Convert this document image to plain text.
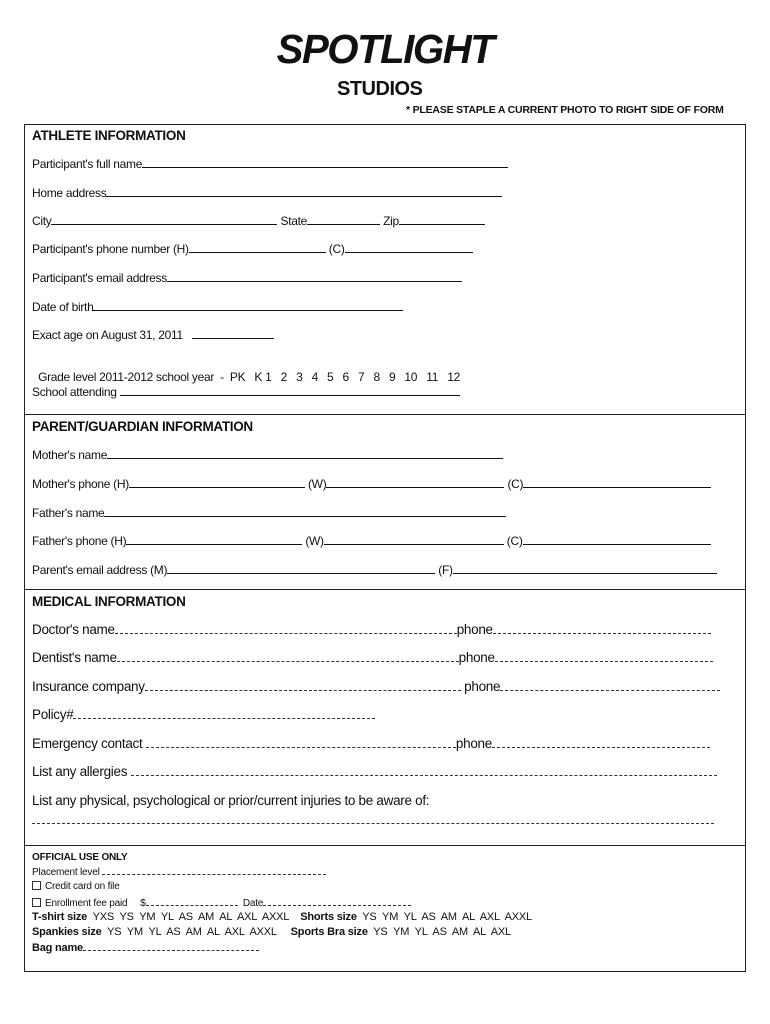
SPOTLIGHT
STUDIOS
* PLEASE STAPLE A CURRENT PHOTO TO RIGHT SIDE OF FORM
ATHLETE INFORMATION
Participant's full name
Home address
City	State	Zip
Participant's phone number (H)	(C)
Participant's email address
Date of birth
Exact age on August 31, 2011

Grade level 2011-2012 school year  -  PK   K 1   2   3   4   5   6   7   8   9   10   11   12

School attending
PARENT/GUARDIAN INFORMATION
Mother's name
Mother's phone (H)	(W)	(C)
Father's name
Father's phone (H)	(W)	(C)
Parent's email address (M)	(F)
MEDICAL INFORMATION
Doctor's name	phone
Dentist's name	phone
Insurance company	phone
Policy#
Emergency contact	phone
List any allergies
List any physical, psychological or prior/current injuries to be aware of:
OFFICIAL USE ONLY
Placement level
Credit card on file
Enrollment fee paid $	Date
T-shirt size YXS  YS  YM  YL  AS  AM  AL  AXL  AXXL Shorts size YS  YM  YL  AS  AM  AL  AXL  AXXL
Spankies size YS  YM  YL  AS  AM  AL  AXL  AXXL Sports Bra size YS  YM  YL  AS  AM  AL  AXL
Bag name
